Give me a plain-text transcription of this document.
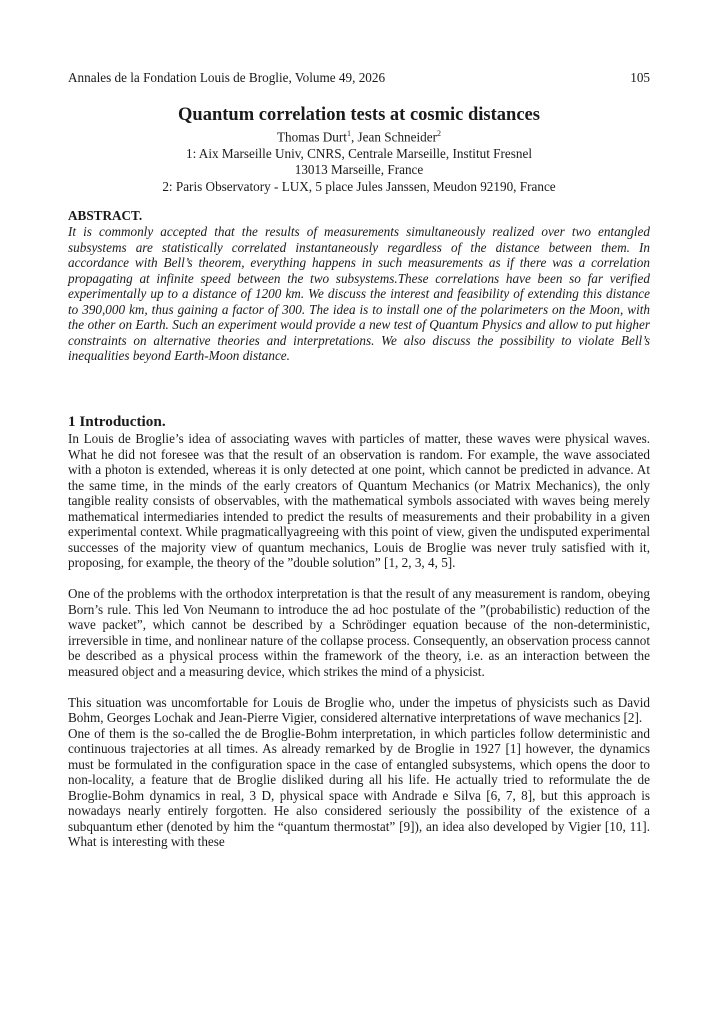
Annales de la Fondation Louis de Broglie, Volume 49, 2026	105
Quantum correlation tests at cosmic distances
Thomas Durt$^1$, Jean Schneider$^2$
1: Aix Marseille Univ, CNRS, Centrale Marseille, Institut Fresnel
13013 Marseille, France
2: Paris Observatory - LUX, 5 place Jules Janssen, Meudon 92190, France
ABSTRACT.

It is commonly accepted that the results of measurements simultaneously realized over two entangled subsystems are statistically correlated instantaneously regardless of the distance between them. In accordance with Bell’s theorem, everything happens in such measurements as if there was a correlation propagating at infinite speed between the two subsystems.These correlations have been so far verified experimentally up to a distance of 1200 km. We discuss the interest and feasibility of extending this distance to 390,000 km, thus gaining a factor of 300. The idea is to install one of the polarimeters on the Moon, with the other on Earth. Such an experiment would provide a new test of Quantum Physics and allow to put higher constraints on alternative theories and interpretations. We also discuss the possibility to violate Bell’s inequalities beyond Earth-Moon distance.

1 Introduction.

In Louis de Broglie’s idea of associating waves with particles of matter, these waves were physical waves. What he did not foresee was that the result of an observation is random. For example, the wave associated with a photon is extended, whereas it is only detected at one point, which cannot be predicted in advance. At the same time, in the minds of the early creators of Quantum Mechanics (or Matrix Mechanics), the only tangible reality consists of observables, with the mathematical symbols associated with waves being merely mathematical intermediaries intended to predict the results of measurements and their probability in a given experimental context. While pragmaticallyagreeing with this point of view, given the undisputed experimental successes of the majority view of quantum mechanics, Louis de Broglie was never truly satisfied with it, proposing, for example, the theory of the ”double solution” [1, 2, 3, 4, 5].

One of the problems with the orthodox interpretation is that the result of any measurement is random, obeying Born’s rule. This led Von Neumann to introduce the ad hoc postulate of the ”(probabilistic) reduction of the wave packet”, which cannot be described by a Schrödinger equation because of the non-deterministic, irreversible in time, and nonlinear nature of the collapse process. Consequently, an observation process cannot be described as a physical process within the framework of the theory, i.e. as an interaction between the measured object and a measuring device, which strikes the mind of a physicist.

This situation was uncomfortable for Louis de Broglie who, under the impetus of physicists such as David Bohm, Georges Lochak and Jean-Pierre Vigier, considered alternative interpretations of wave mechanics [2].

One of them is the so-called the de Broglie-Bohm interpretation, in which particles follow deterministic and continuous trajectories at all times. As already remarked by de Broglie in 1927 [1] however, the dynamics must be formulated in the configuration space in the case of entangled subsystems, which opens the door to non-locality, a feature that de Broglie disliked during all his life. He actually tried to reformulate the de Broglie-Bohm dynamics in real, 3 D, physical space with Andrade e Silva [6, 7, 8], but this approach is nowadays nearly entirely forgotten. He also considered seriously the possibility of the existence of a subquantum ether (denoted by him the “quantum thermostat” [9]), an idea also developed by Vigier [10, 11]. What is interesting with these
